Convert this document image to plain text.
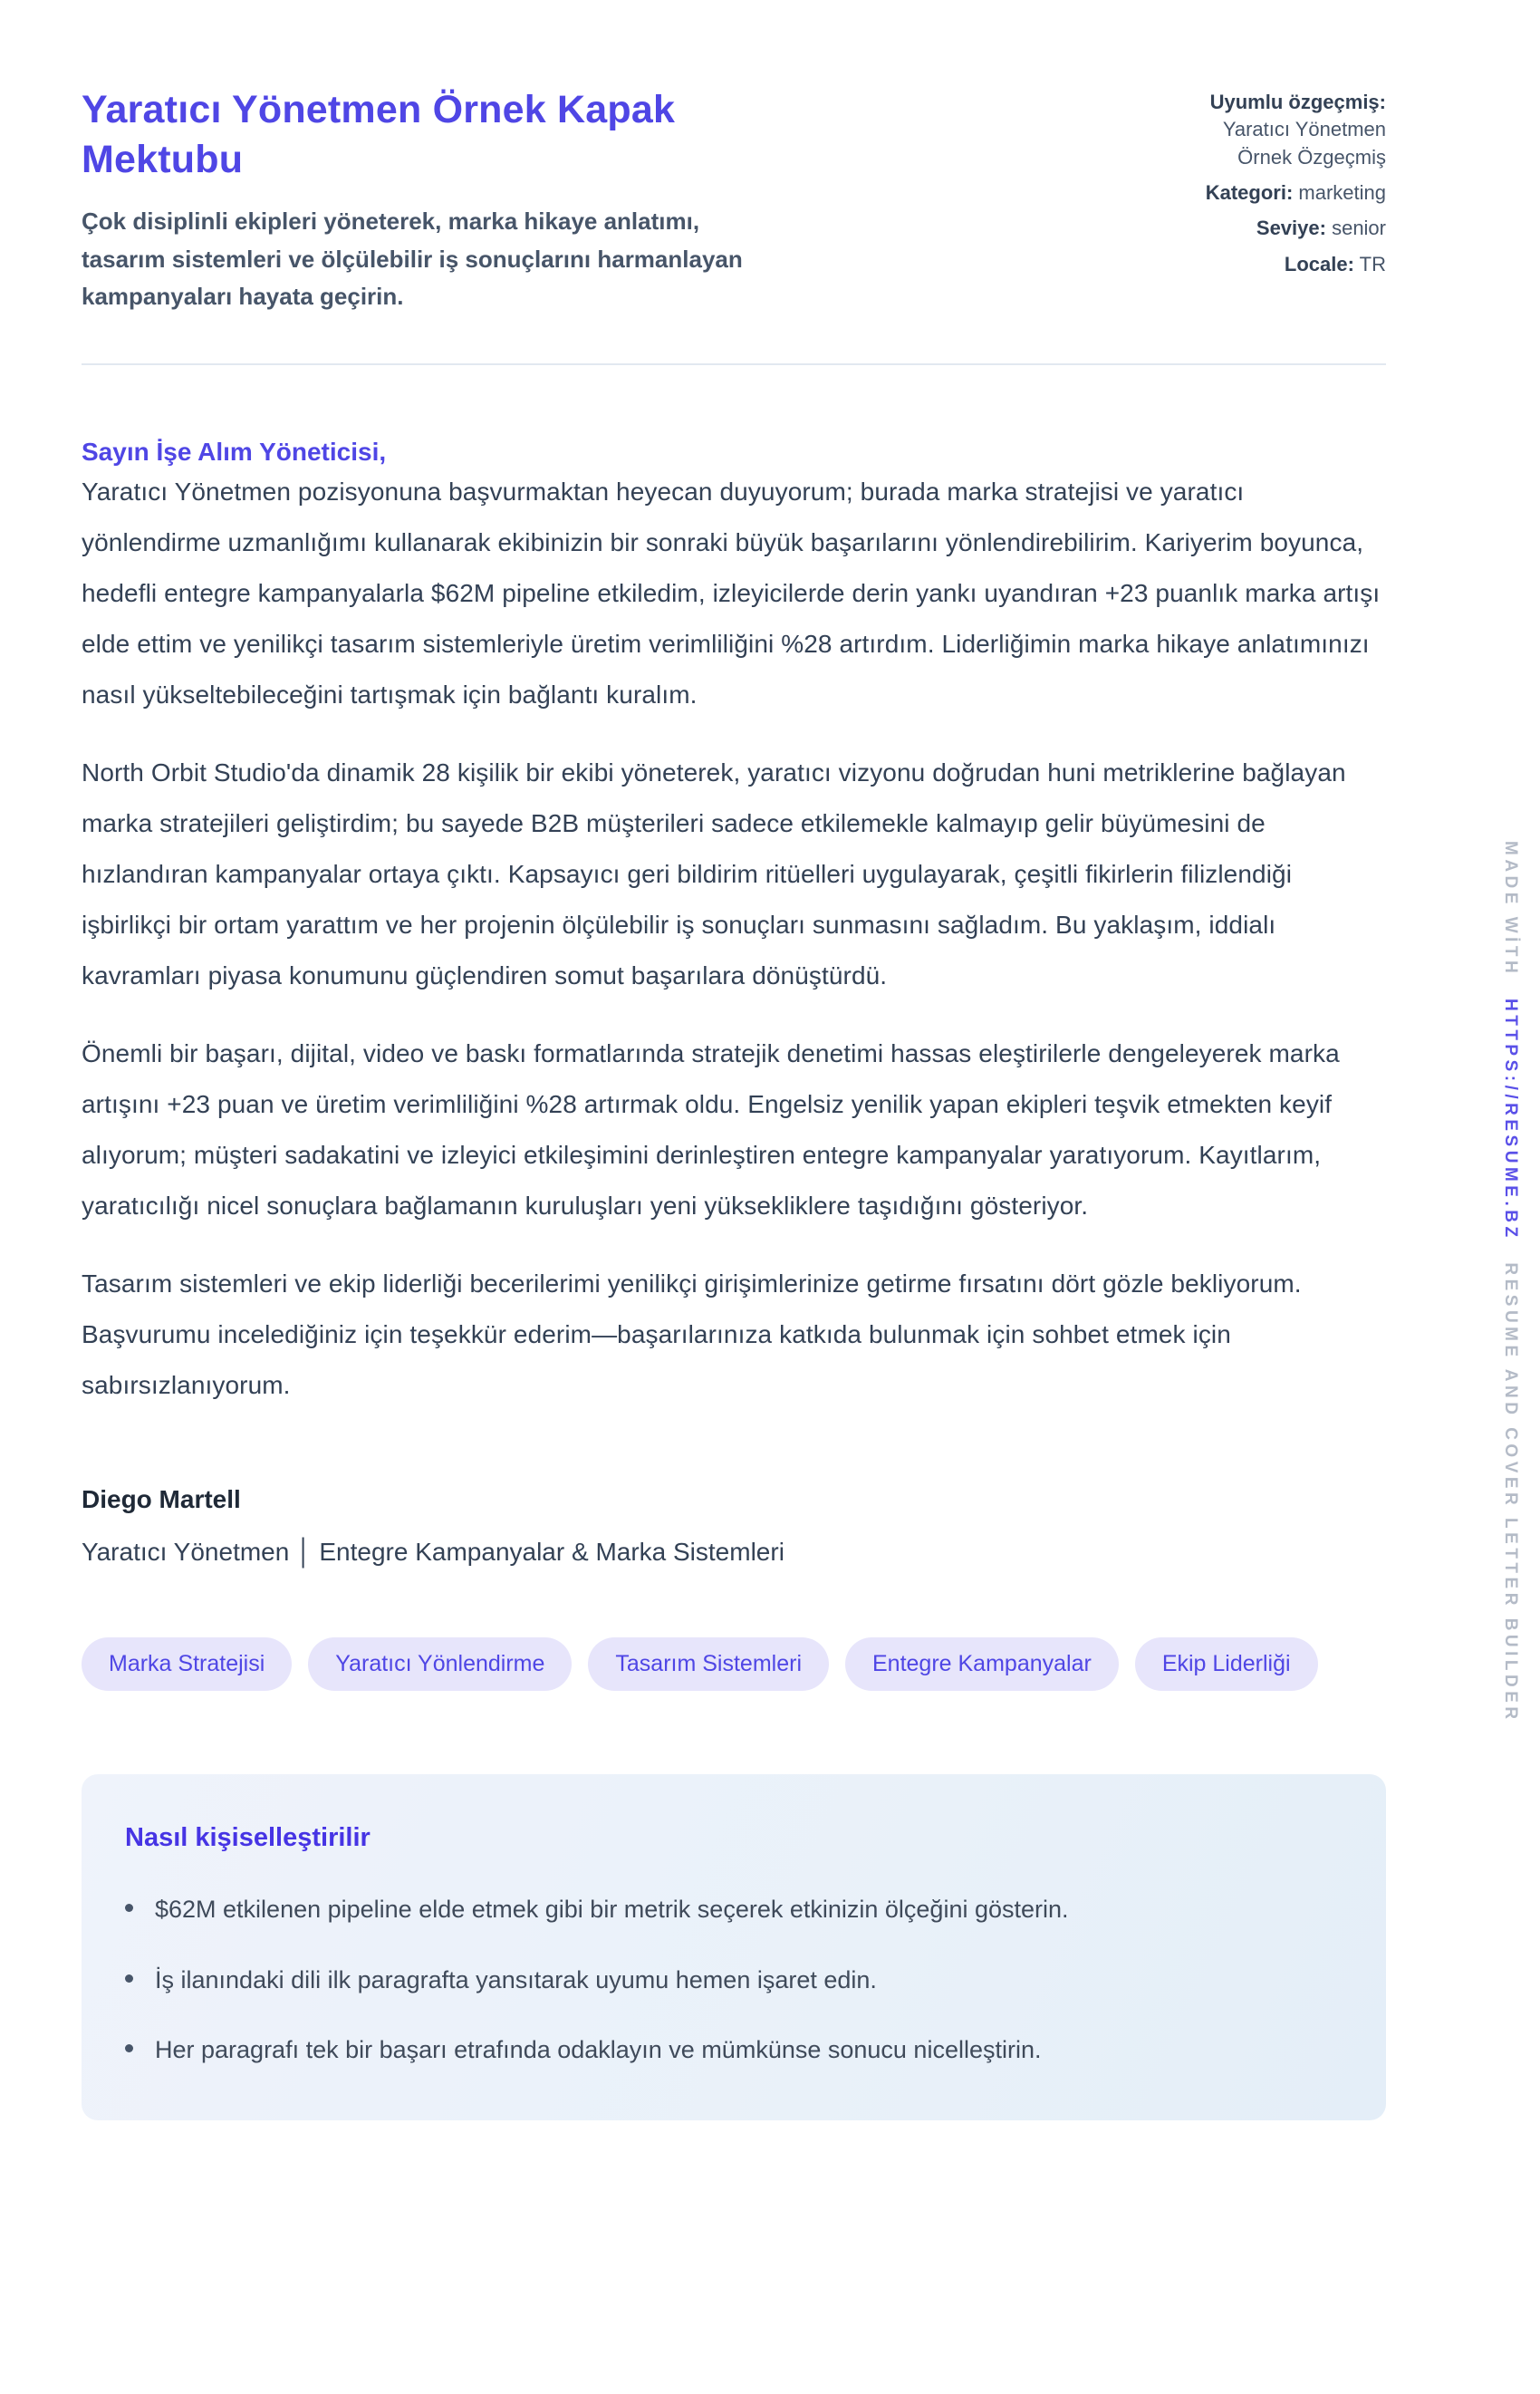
Yaratıcı Yönetmen Örnek Kapak Mektubu

Çok disiplinli ekipleri yöneterek, marka hikaye anlatımı, tasarım sistemleri ve ölçülebilir iş sonuçlarını harmanlayan kampanyaları hayata geçirin.

Uyumlu özgeçmiş: Yaratıcı Yönetmen Örnek Özgeçmiş
Kategori: marketing
Seviye: senior
Locale: TR

Sayın İşe Alım Yöneticisi,

Yaratıcı Yönetmen pozisyonuna başvurmaktan heyecan duyuyorum; burada marka stratejisi ve yaratıcı yönlendirme uzmanlığımı kullanarak ekibinizin bir sonraki büyük başarılarını yönlendirebilirim. Kariyerim boyunca, hedefli entegre kampanyalarla $62M pipeline etkiledim, izleyicilerde derin yankı uyandıran +23 puanlık marka artışı elde ettim ve yenilikçi tasarım sistemleriyle üretim verimliliğini %28 artırdım. Liderliğimin marka hikaye anlatımınızı nasıl yükseltebileceğini tartışmak için bağlantı kuralım.

North Orbit Studio'da dinamik 28 kişilik bir ekibi yöneterek, yaratıcı vizyonu doğrudan huni metriklerine bağlayan marka stratejileri geliştirdim; bu sayede B2B müşterileri sadece etkilemekle kalmayıp gelir büyümesini de hızlandıran kampanyalar ortaya çıktı. Kapsayıcı geri bildirim ritüelleri uygulayarak, çeşitli fikirlerin filizlendiği işbirlikçi bir ortam yarattım ve her projenin ölçülebilir iş sonuçları sunmasını sağladım. Bu yaklaşım, iddialı kavramları piyasa konumunu güçlendiren somut başarılara dönüştürdü.

Önemli bir başarı, dijital, video ve baskı formatlarında stratejik denetimi hassas eleştirilerle dengeleyerek marka artışını +23 puan ve üretim verimliliğini %28 artırmak oldu. Engelsiz yenilik yapan ekipleri teşvik etmekten keyif alıyorum; müşteri sadakatini ve izleyici etkileşimini derinleştiren entegre kampanyalar yaratıyorum. Kayıtlarım, yaratıcılığı nicel sonuçlara bağlamanın kuruluşları yeni yüksekliklere taşıdığını gösteriyor.

Tasarım sistemleri ve ekip liderliği becerilerimi yenilikçi girişimlerinize getirme fırsatını dört gözle bekliyorum. Başvurumu incelediğiniz için teşekkür ederim—başarılarınıza katkıda bulunmak için sohbet etmek için sabırsızlanıyorum.

Diego Martell

Yaratıcı Yönetmen │ Entegre Kampanyalar & Marka Sistemleri

Marka Stratejisi	Yaratıcı Yönlendirme	Tasarım Sistemleri	Entegre Kampanyalar	Ekip Liderliği
Nasıl kişiselleştirilir
$62M etkilenen pipeline elde etmek gibi bir metrik seçerek etkinizin ölçeğini gösterin.
İş ilanındaki dili ilk paragrafta yansıtarak uyumu hemen işaret edin.
Her paragrafı tek bir başarı etrafında odaklayın ve mümkünse sonucu nicelleştirin.
MADE WİTH HTTPS://RESUME.BZ RESUME AND COVER LETTER BUILDER
